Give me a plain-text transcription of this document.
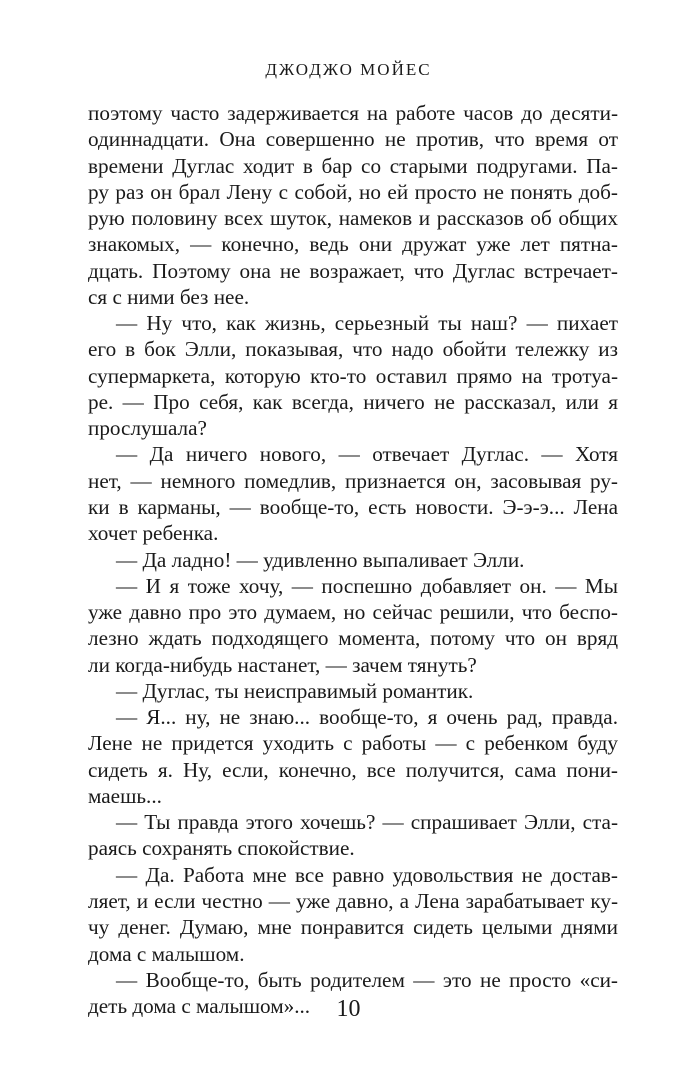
ДЖОДЖО МОЙЕС
поэтому часто задерживается на работе часов до десяти-
одиннадцати. Она совершенно не против, что время от
времени Дуглас ходит в бар со старыми подругами. Па-
ру раз он брал Лену с собой, но ей просто не понять доб-
рую половину всех шуток, намеков и рассказов об общих
знакомых, — конечно, ведь они дружат уже лет пятна-
дцать. Поэтому она не возражает, что Дуглас встречает-
ся с ними без нее.
— Ну что, как жизнь, серьезный ты наш? — пихает
его в бок Элли, показывая, что надо обойти тележку из
супермаркета, которую кто-то оставил прямо на тротуа-
ре. — Про себя, как всегда, ничего не рассказал, или я
прослушала?
— Да ничего нового, — отвечает Дуглас. — Хотя
нет, — немного помедлив, признается он, засовывая ру-
ки в карманы, — вообще-то, есть новости. Э-э-э... Лена
хочет ребенка.
— Да ладно! — удивленно выпаливает Элли.
— И я тоже хочу, — поспешно добавляет он. — Мы
уже давно про это думаем, но сейчас решили, что беспо-
лезно ждать подходящего момента, потому что он вряд
ли когда-нибудь настанет, — зачем тянуть?
— Дуглас, ты неисправимый романтик.
— Я... ну, не знаю... вообще-то, я очень рад, правда.
Лене не придется уходить с работы — с ребенком буду
сидеть я. Ну, если, конечно, все получится, сама пони-
маешь...
— Ты правда этого хочешь? — спрашивает Элли, ста-
раясь сохранять спокойствие.
— Да. Работа мне все равно удовольствия не достав-
ляет, и если честно — уже давно, а Лена зарабатывает ку-
чу денег. Думаю, мне понравится сидеть целыми днями
дома с малышом.
— Вообще-то, быть родителем — это не просто «си-
деть дома с малышом»...	10
